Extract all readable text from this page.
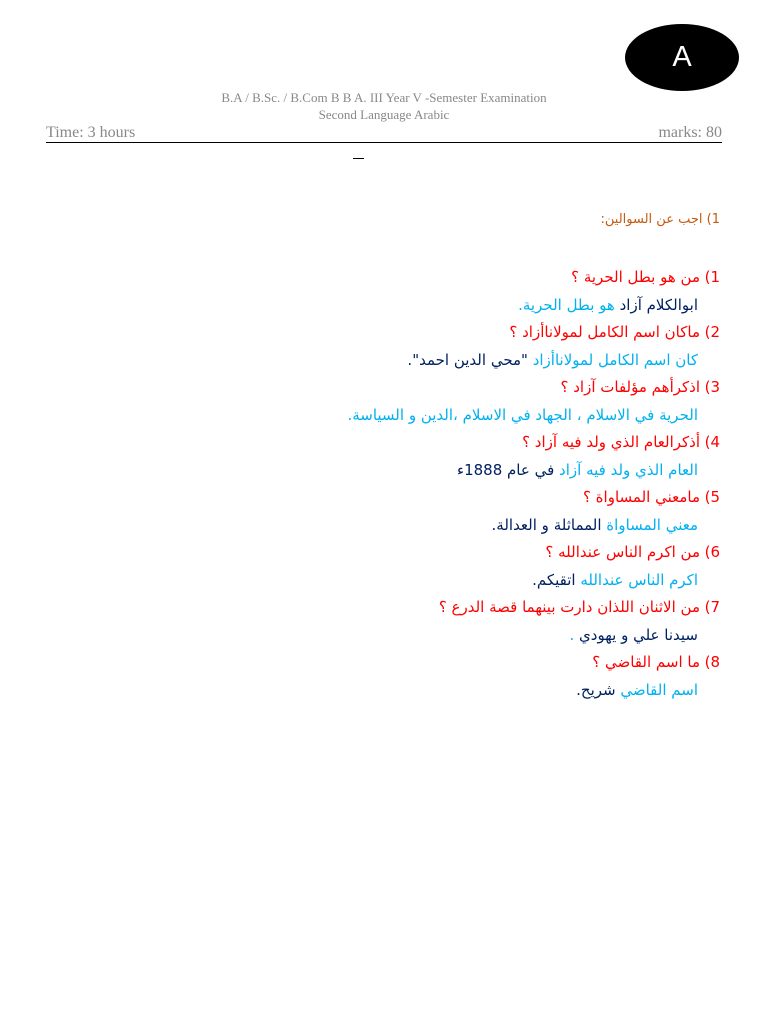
A
B.A / B.Sc. / B.Com B B A. III Year V -Semester Examination
Second Language Arabic
Time: 3 hours	marks: 80
1) اجب عن السوالين:
1)من هو بطل الحرية ؟
ابوالكلام آزاد هو بطل الحرية.
2)ماكان اسم الكامل لمولاناأزاد ؟
كان اسم الكامل لمولاناأزاد "محي الدين احمد".
3)اذكرأهم مؤلفات آزاد ؟
الحرية في الاسلام ، الجهاد في الاسلام ،الدين و السياسة.
4)أذكرالعام الذي ولد فيه آزاد ؟
العام الذي ولد فيه آزاد في عام 1888ء
5)مامعني المساواة ؟
معني المساواة المماثلة و العدالة.
6)من اكرم الناس عندالله ؟
اكرم الناس عندالله اتقيكم.
7)من الاثنان اللذان دارت بينهما قصة الدرع ؟
سيدنا علي و يهودي .
8)ما اسم القاضي ؟
اسم القاضي شريح.
